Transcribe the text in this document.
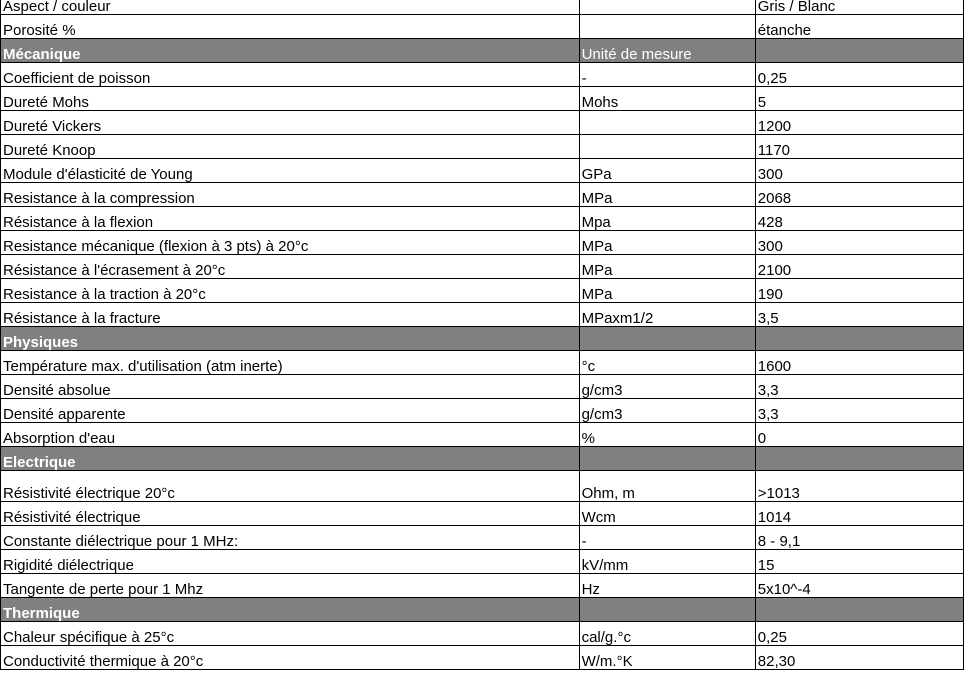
Aspect / couleur		Gris / Blanc
Porosité %		étanche
Mécanique	Unité de mesure	
Coefficient de poisson	-	0,25
Dureté Mohs	Mohs	5
Dureté Vickers		1200
Dureté Knoop		1170
Module d'élasticité de Young	GPa	300
Resistance à la compression	MPa	2068
Résistance à la flexion	Mpa	428
Resistance mécanique (flexion à 3 pts) à 20°c	MPa	300
Résistance à l'écrasement à 20°c	MPa	2100
Resistance à la traction à 20°c	MPa	190
Résistance à la fracture	MPaxm1/2	3,5
Physiques		
Température max. d'utilisation (atm inerte)	°c	1600
Densité absolue	g/cm3	3,3
Densité apparente	g/cm3	3,3
Absorption d'eau	%	0
Electrique		
Résistivité électrique 20°c	Ohm, m	>1013
Résistivité électrique	Wcm	1014
Constante diélectrique pour 1 MHz:	-	8 - 9,1
Rigidité diélectrique	kV/mm	15
Tangente de perte pour 1 Mhz	Hz	5x10^-4
Thermique		
Chaleur spécifique à 25°c	cal/g.°c	0,25
Conductivité thermique à 20°c	W/m.°K	82,30
